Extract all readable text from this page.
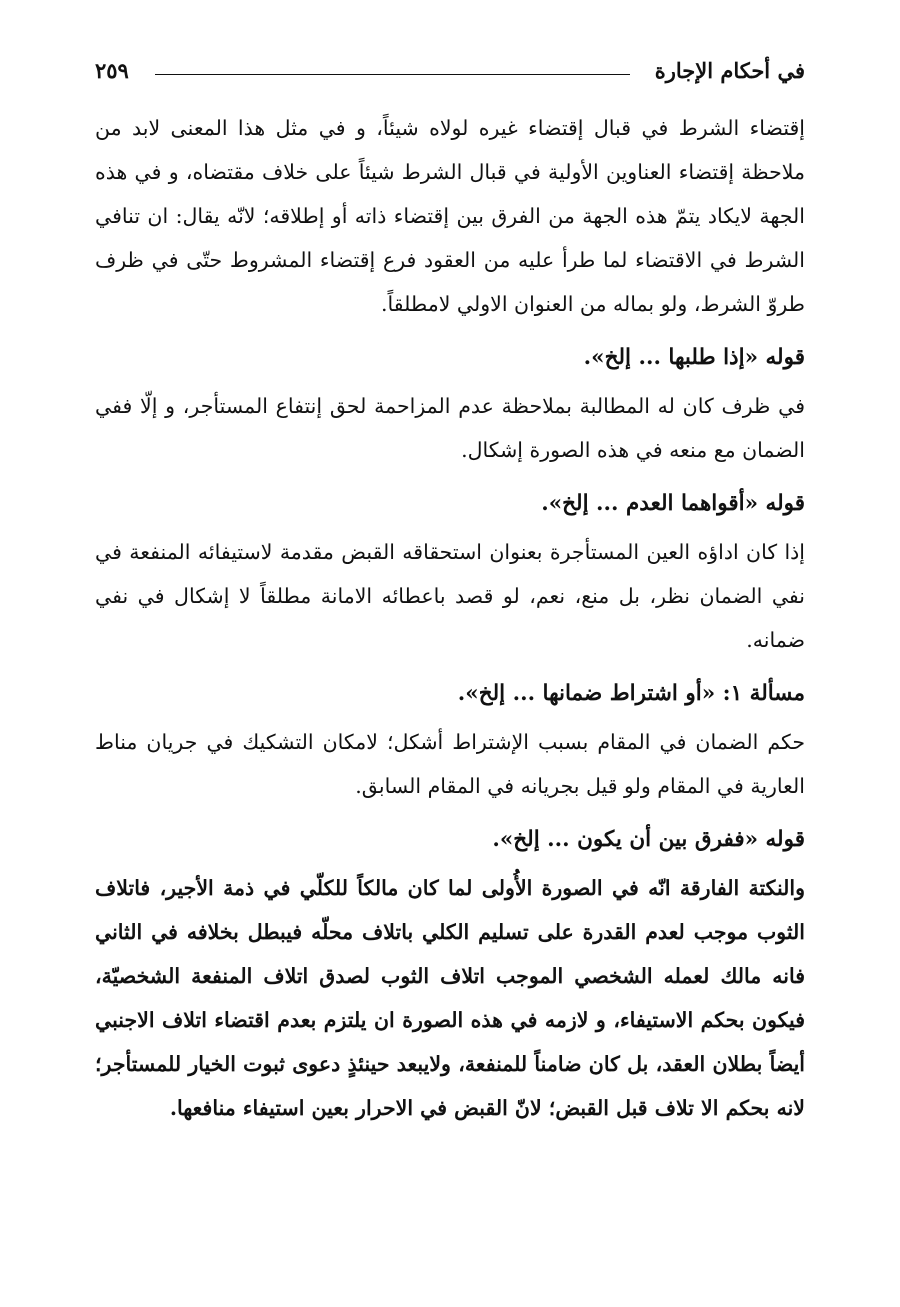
في أحكام الإجارة
٢٥٩

إقتضاء الشرط في قبال إقتضاء غيره لولاه شيئاً، و في مثل هذا المعنى لابد من ملاحظة إقتضاء العناوين الأولية في قبال الشرط شيئاً على خلاف مقتضاه، و في هذه الجهة لايكاد يتمّ هذه الجهة من الفرق بين إقتضاء ذاته أو إطلاقه؛ لانّه يقال: ان تنافي الشرط في الاقتضاء لما طرأ عليه من العقود فرع إقتضاء المشروط حتّى في ظرف طروّ الشرط، ولو بماله من العنوان الاولي لامطلقاً.

قوله «إذا طلبها ... إلخ».

في ظرف كان له المطالبة بملاحظة عدم المزاحمة لحق إنتفاع المستأجر، و إلّا ففي الضمان مع منعه في هذه الصورة إشكال.

قوله «أقواهما العدم ... إلخ».

إذا كان اداؤه العين المستأجرة بعنوان استحقاقه القبض مقدمة لاستيفائه المنفعة في نفي الضمان نظر، بل منع، نعم، لو قصد باعطائه الامانة مطلقاً لا إشكال في نفي ضمانه.

مسألة ١: «أو اشتراط ضمانها ... إلخ».

حكم الضمان في المقام بسبب الإشتراط أشكل؛ لامكان التشكيك في جريان مناط العارية في المقام ولو قيل بجريانه في المقام السابق.

قوله «ففرق بين أن يكون ... إلخ».

والنكتة الفارقة انّه في الصورة الأُولى لما كان مالكاً للكلّي في ذمة الأجير، فاتلاف الثوب موجب لعدم القدرة على تسليم الكلي باتلاف محلّه فيبطل بخلافه في الثاني فانه مالك لعمله الشخصي الموجب اتلاف الثوب لصدق اتلاف المنفعة الشخصيّة، فيكون بحكم الاستيفاء، و لازمه في هذه الصورة ان يلتزم بعدم اقتضاء اتلاف الاجنبي أيضاً بطلان العقد، بل كان ضامناً للمنفعة، ولايبعد حينئذٍ دعوى ثبوت الخيار للمستأجر؛ لانه بحكم الا تلاف قبل القبض؛ لانّ القبض في الاحرار بعين استيفاء منافعها.
